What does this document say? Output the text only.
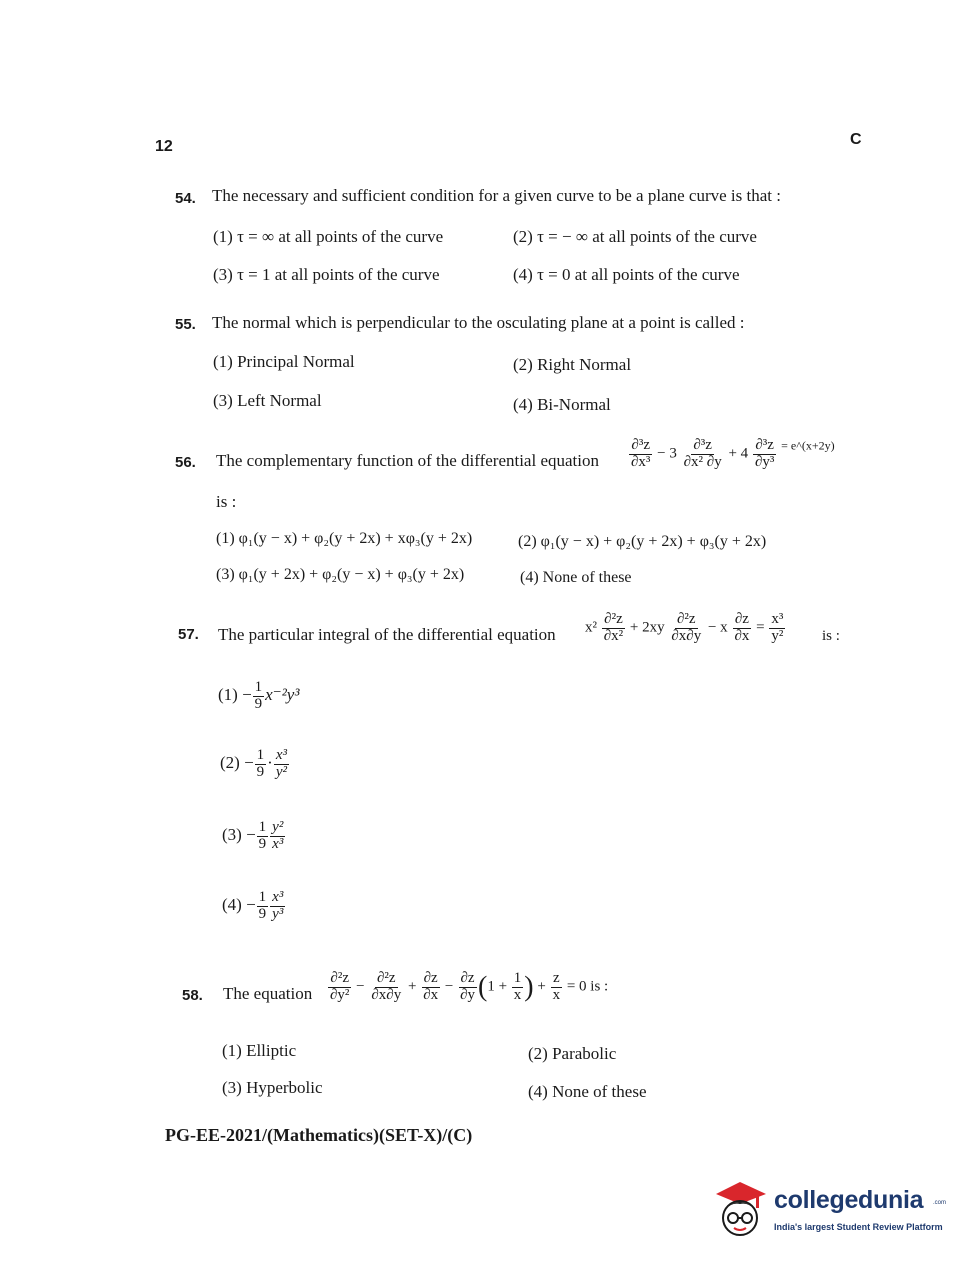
12	C
54. The necessary and sufficient condition for a given curve to be a plane curve is that :
(1) τ = ∞ at all points of the curve	(2) τ = − ∞ at all points of the curve
(3) τ = 1 at all points of the curve	(4) τ = 0 at all points of the curve
55. The normal which is perpendicular to the osculating plane at a point is called :
(1) Principal Normal	(2) Right Normal
(3) Left Normal	(4) Bi-Normal
56. The complementary function of the differential equation $\frac{\text{∂³z}}{\text{∂x³}} - 3 \frac{\text{∂³z}}{\text{∂x² ∂y}} + 4 \frac{\text{∂³z}}{\text{∂y³}} ^{= e\^{}(x+2y)}$
is :
(1) φ₁(y − x) + φ₂(y + 2x) + xφ₃(y + 2x)	(2) φ₁(y − x) + φ₂(y + 2x) + φ₃(y + 2x)
(3) φ₁(y + 2x) + φ₂(y − x) + φ₃(y + 2x)	(4) None of these
57. The particular integral of the differential equation $x^2 \frac{\text{∂²z}}{\text{∂x²}} + 2xy \frac{\text{∂²z}}{\partial x\partial y} - x \frac{\partial z}{\partial x} = \frac{\text{x³}}{\text{y²}}$ is :
$(1) - \frac{1}{9} x^{-2}y^3$
$(2) - \frac{1}{9} \cdot \frac{\text{x³}}{\text{y²}}$
$(3) - \frac{1}{9} \frac{\text{y²}}{\text{x³}}$
$(4) - \frac{1}{9} \frac{\text{x³}}{\text{y³}}$
58. The equation $\frac{\text{∂²z}}{\text{∂y²}} - \frac{\text{∂²z}}{\partial x\partial y} + \frac{\partial z}{\partial x} - \frac{\partial z}{\partial y} (1 + \frac{1}{x}$ ) + $\frac{z}{x} = 0$ is :
(1) Elliptic	(2) Parabolic
(3) Hyperbolic	(4) None of these
PG-EE-2021/(Mathematics)(SET-X)/(C)
collegedunia .com
India's largest Student Review Platform
